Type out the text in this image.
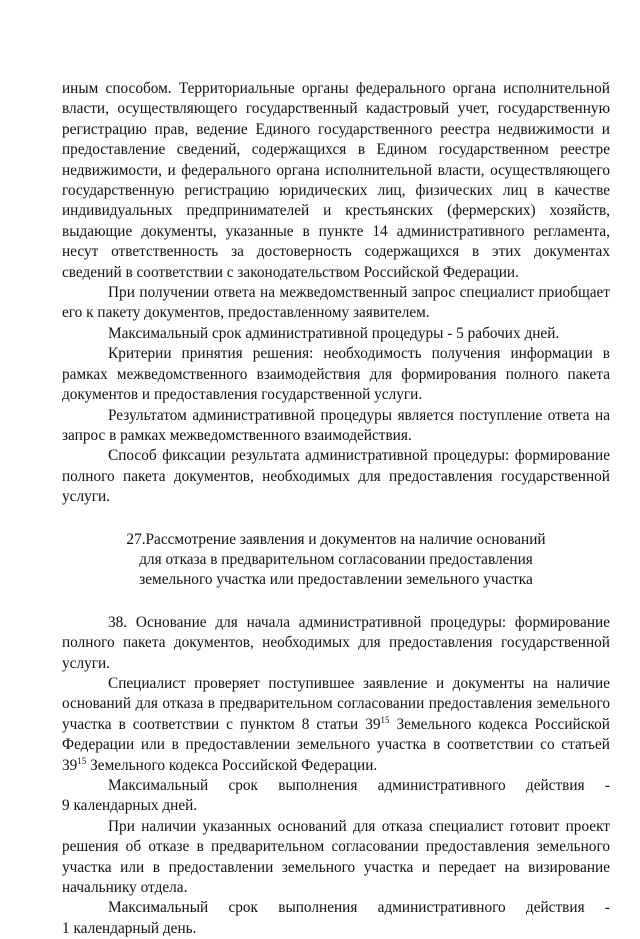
иным способом. Территориальные органы федерального органа исполнительной власти, осуществляющего государственный кадастровый учет, государственную регистрацию прав, ведение Единого государственного реестра недвижимости и предоставление сведений, содержащихся в Едином государственном реестре недвижимости, и федерального органа исполнительной власти, осуществляющего государственную регистрацию юридических лиц, физических лиц в качестве индивидуальных предпринимателей и крестьянских (фермерских) хозяйств, выдающие документы, указанные в пункте 14 административного регламента, несут ответственность за достоверность содержащихся в этих документах сведений в соответствии с законодательством Российской Федерации.

При получении ответа на межведомственный запрос специалист приобщает его к пакету документов, предоставленному заявителем.

Максимальный срок административной процедуры - 5 рабочих дней.

Критерии принятия решения: необходимость получения информации в рамках межведомственного взаимодействия для формирования полного пакета документов и предоставления государственной услуги.

Результатом административной процедуры является поступление ответа на запрос в рамках межведомственного взаимодействия.

Способ фиксации результата административной процедуры: формирование полного пакета документов, необходимых для предоставления государственной услуги.

27.Рассмотрение заявления и документов на наличие оснований
для отказа в предварительном согласовании предоставления
земельного участка или предоставлении земельного участка

38. Основание для начала административной процедуры: формирование полного пакета документов, необходимых для предоставления государственной услуги.

Специалист проверяет поступившее заявление и документы на наличие оснований для отказа в предварительном согласовании предоставления земельного участка в соответствии с пунктом 8 статьи $39^{15}$ Земельного кодекса Российской Федерации или в предоставлении земельного участка в соответствии со статьей $39^{15}$ Земельного кодекса Российской Федерации.

Максимальный срок выполнения административного действия -
9 календарных дней.

При наличии указанных оснований для отказа специалист готовит проект решения об отказе в предварительном согласовании предоставления земельного участка или в предоставлении земельного участка и передает на визирование начальнику отдела.

Максимальный срок выполнения административного действия -
1 календарный день.
